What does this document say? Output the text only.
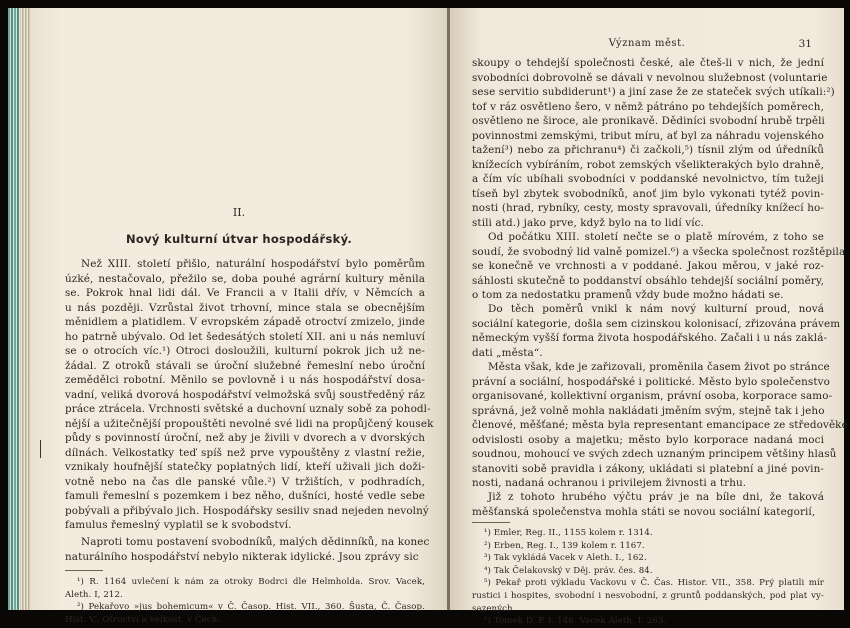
II.
Nový kulturní útvar hospodářský.
Než XIII. století přišlo, naturální hospodářství bylo poměrům
úzké, nestačovalo, přežilo se, doba pouhé agrární kultury měnila
se. Pokrok hnal lidi dál. Ve Francii a v Italii dřív, v Němcích a
u nás později. Vzrůstal život trhovní, mince stala se obecnějším
měnidlem a platidlem. V evropském západě otroctví zmizelo, jinde
ho patrně ubývalo. Od let šedesátých století XII. ani u nás nemluví
se o otrocích víc.¹) Otroci dosloužili, kulturní pokrok jich už ne-
žádal. Z otroků stávali se úroční služebné řemeslní nebo úroční
zemědělci robotní. Měnilo se povlovně i u nás hospodářství dosa-
vadní, veliká dvorová hospodářství velmožská svůj soustředěný ráz
práce ztrácela. Vrchnosti světské a duchovní uznaly sobě za pohodl-
nější a užitečnější propouštěti nevolné své lidi na propůjčený kousek
půdy s povinností úroční, než aby je živili v dvorech a v dvorských
dílnách. Velkostatky teď spíš než prve vypouštěny z vlastní režie,
vznikaly houfnější statečky poplatných lidí, kteří uživali jich doži-
votně nebo na čas dle panské vůle.²) V tržištích, v podhradích,
famuli řemeslní s pozemkem i bez něho, dušníci, hosté vedle sebe
pobývali a přibývalo jich. Hospodářsky sesiliv snad nejeden nevolný
famulus řemeslný vyplatil se k svobodství.
Naproti tomu postavení svobodníků, malých dědinníků, na konec
naturálního hospodářství nebylo nikterak idylické. Jsou zprávy sic
¹) R. 1164 uvlečení k nám za otroky Bodrci dle Helmholda. Srov. Vacek,
Aleth. I, 212.
²) Pekařovo »jus bohemicum« v Č. Časop. Hist. VII., 360. Šusta, Č. Časop.
Hist. V., Otroctví a velkost. v Čech.
Význam měst.	31
skoupy o tehdejší společnosti české, ale čteš-li v nich, že jední
svobodníci dobrovolně se dávali v nevolnou služebnost (voluntarie
sese servitio subdiderunt¹) a jiní zase že ze stateček svých utíkali:²)
tof v ráz osvětleno šero, v němž pátráno po tehdejších poměrech,
osvětleno ne široce, ale pronikavě. Dědiníci svobodní hrubě trpěli
povinnostmi zemskými, tribut míru, ať byl za náhradu vojenského
tažení³) nebo za přichranu⁴) či začkoli,⁵) tísnil zlým od úředníků
knížecích vybíráním, robot zemských všelikterakých bylo drahně,
a čím víc ubíhali svobodníci v poddanské nevolnictvo, tím tužeji
tíseň byl zbytek svobodníků, anoť jim bylo vykonati tytéž povin-
nosti (hrad, rybníky, cesty, mosty spravovali, úředníky knížecí ho-
stili atd.) jako prve, když bylo na to lidí víc.
Od počátku XIII. století nečte se o platě mírovém, z toho se
soudí, že svobodný lid valně pomizel.⁶) a všecka společnost rozštěpila
se konečně ve vrchnosti a v poddané. Jakou měrou, v jaké roz-
sáhlosti skutečně to poddanství obsáhlo tehdejší sociální poměry,
o tom za nedostatku pramenů vždy bude možno hádati se.
Do těch poměrů vnikl k nám nový kulturní proud, nová
sociální kategorie, došla sem cizinskou kolonisací, zřizována právem
německým vyšší forma života hospodářského. Začali i u nás zaklá-
dati „města“.
Města však, kde je zařizovali, proměnila časem život po stránce
právní a sociální, hospodářské i politické. Město bylo společenstvo
organisované, kollektivní organism, právní osoba, korporace samo-
správná, jež volně mohla nakládati jměním svým, stejně tak i jeho
členové, měšťané; města byla representant emancipace ze středověké
odvislosti osoby a majetku; město bylo korporace nadaná moci
soudnou, mohoucí ve svých zdech uznaným principem většiny hlasů
stanoviti sobě pravidla i zákony, ukládati si platební a jiné povin-
nosti, nadaná ochranou i privilejem živnosti a trhu.
Již z tohoto hrubého výčtu práv je na bíle dni, že taková
měšťanská společenstva mohla státi se novou sociální kategorií,
¹) Emler, Reg. II., 1155 kolem r. 1314.
²) Erben, Reg. I., 139 kolem r. 1167.
³) Tak vykládá Vacek v Aleth. I., 162.
⁴) Tak Čelakovský v Děj. práv. čes. 84.
⁵) Pekař proti výkladu Vackovu v Č. Čas. Histor. VII., 358. Prý platili mír
rustici i hospites, svobodní i nesvobodní, z gruntů poddanských, pod plat vy-
sazených.
⁶) Tomek D. P. I. 146. Vacek Aleth. I. 263.
